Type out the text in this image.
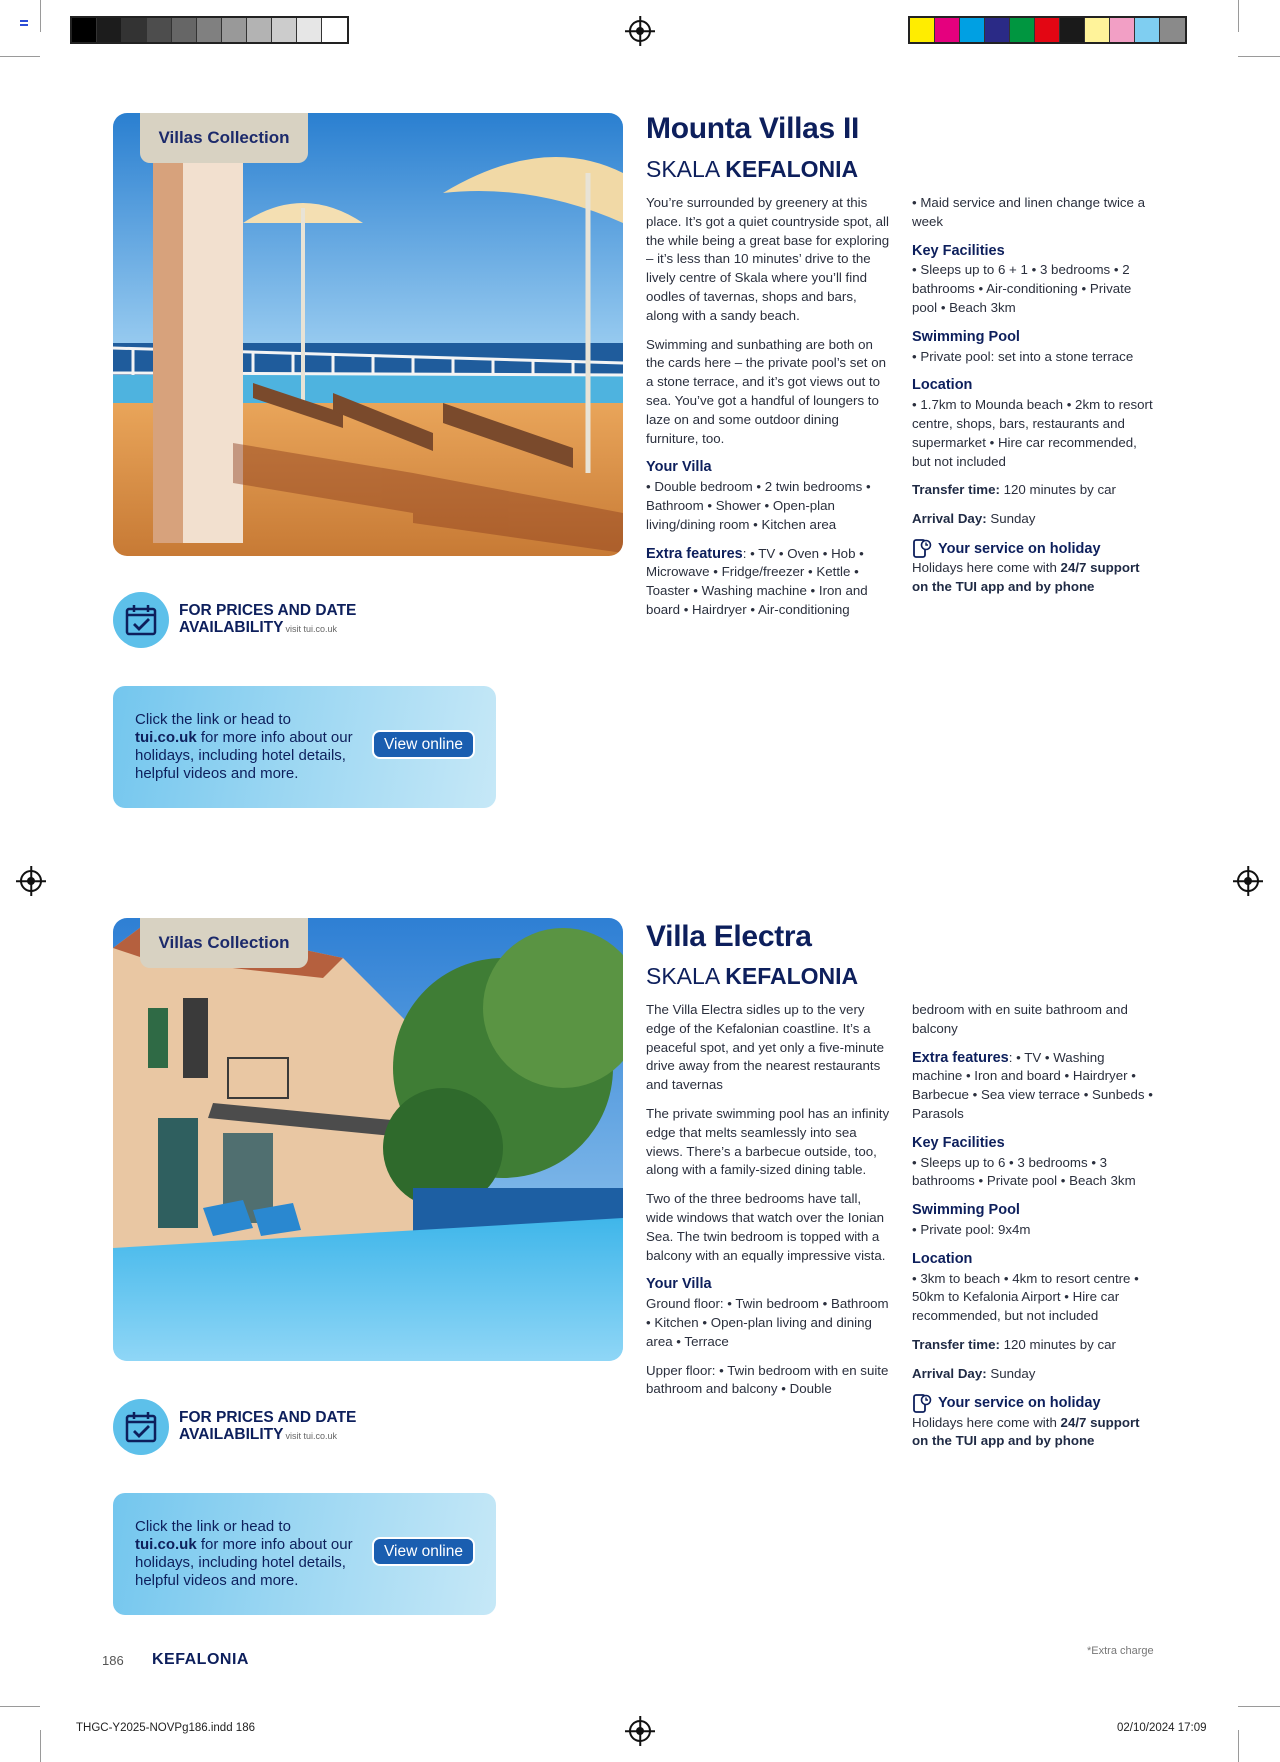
Villas Collection	Mounta Villas II
SKALA KEFALONIA

You’re surrounded by greenery at this place. It’s got a quiet countryside spot, all the while being a great base for exploring – it’s less than 10 minutes’ drive to the lively centre of Skala where you’ll find oodles of tavernas, shops and bars, along with a sandy beach.

Swimming and sunbathing are both on the cards here – the private pool’s set on a stone terrace, and it’s got views out to sea. You’ve got a handful of loungers to laze on and some outdoor dining furniture, too.

Your Villa

• Double bedroom • 2 twin bedrooms • Bathroom • Shower • Open-plan living/dining room • Kitchen area

Extra features: • TV • Oven • Hob • Microwave • Fridge/freezer • Kettle • Toaster • Washing machine • Iron and board • Hairdryer • Air-conditioning

• Maid service and linen change twice a week

Key Facilities

• Sleeps up to 6 + 1 • 3 bedrooms • 2 bathrooms • Air-conditioning • Private pool • Beach 3km

Swimming Pool

• Private pool: set into a stone terrace

Location

• 1.7km to Mounda beach • 2km to resort centre, shops, bars, restaurants and supermarket • Hire car recommended, but not included

Transfer time: 120 minutes by car

Arrival Day: Sunday

Your service on holiday

Holidays here come with 24/7 support on the TUI app and by phone

FOR PRICES AND DATE
AVAILABILITY visit tui.co.uk
Click the link or head to
tui.co.uk for more info about our holidays, including hotel details, helpful videos and more.
View online
Villas Collection	Villa Electra
SKALA KEFALONIA

The Villa Electra sidles up to the very edge of the Kefalonian coastline. It’s a peaceful spot, and yet only a five-minute drive away from the nearest restaurants and tavernas

The private swimming pool has an infinity edge that melts seamlessly into sea views. There’s a barbecue outside, too, along with a family-sized dining table.

Two of the three bedrooms have tall, wide windows that watch over the Ionian Sea. The twin bedroom is topped with a balcony with an equally impressive vista.

Your Villa

Ground floor: • Twin bedroom • Bathroom • Kitchen • Open-plan living and dining area • Terrace

Upper floor: • Twin bedroom with en suite bathroom and balcony • Double

bedroom with en suite bathroom and balcony

Extra features: • TV • Washing machine • Iron and board • Hairdryer • Barbecue • Sea view terrace • Sunbeds • Parasols

Key Facilities

• Sleeps up to 6 • 3 bedrooms • 3 bathrooms • Private pool • Beach 3km

Swimming Pool

• Private pool: 9x4m

Location

• 3km to beach • 4km to resort centre • 50km to Kefalonia Airport • Hire car recommended, but not included

Transfer time: 120 minutes by car

Arrival Day: Sunday

Your service on holiday

Holidays here come with 24/7 support on the TUI app and by phone

FOR PRICES AND DATE
AVAILABILITY visit tui.co.uk
Click the link or head to
tui.co.uk for more info about our holidays, including hotel details, helpful videos and more.
View online
186 KEFALONIA	*Extra charge
THGC-Y2025-NOVPg186.indd 186	02/10/2024 17:09
